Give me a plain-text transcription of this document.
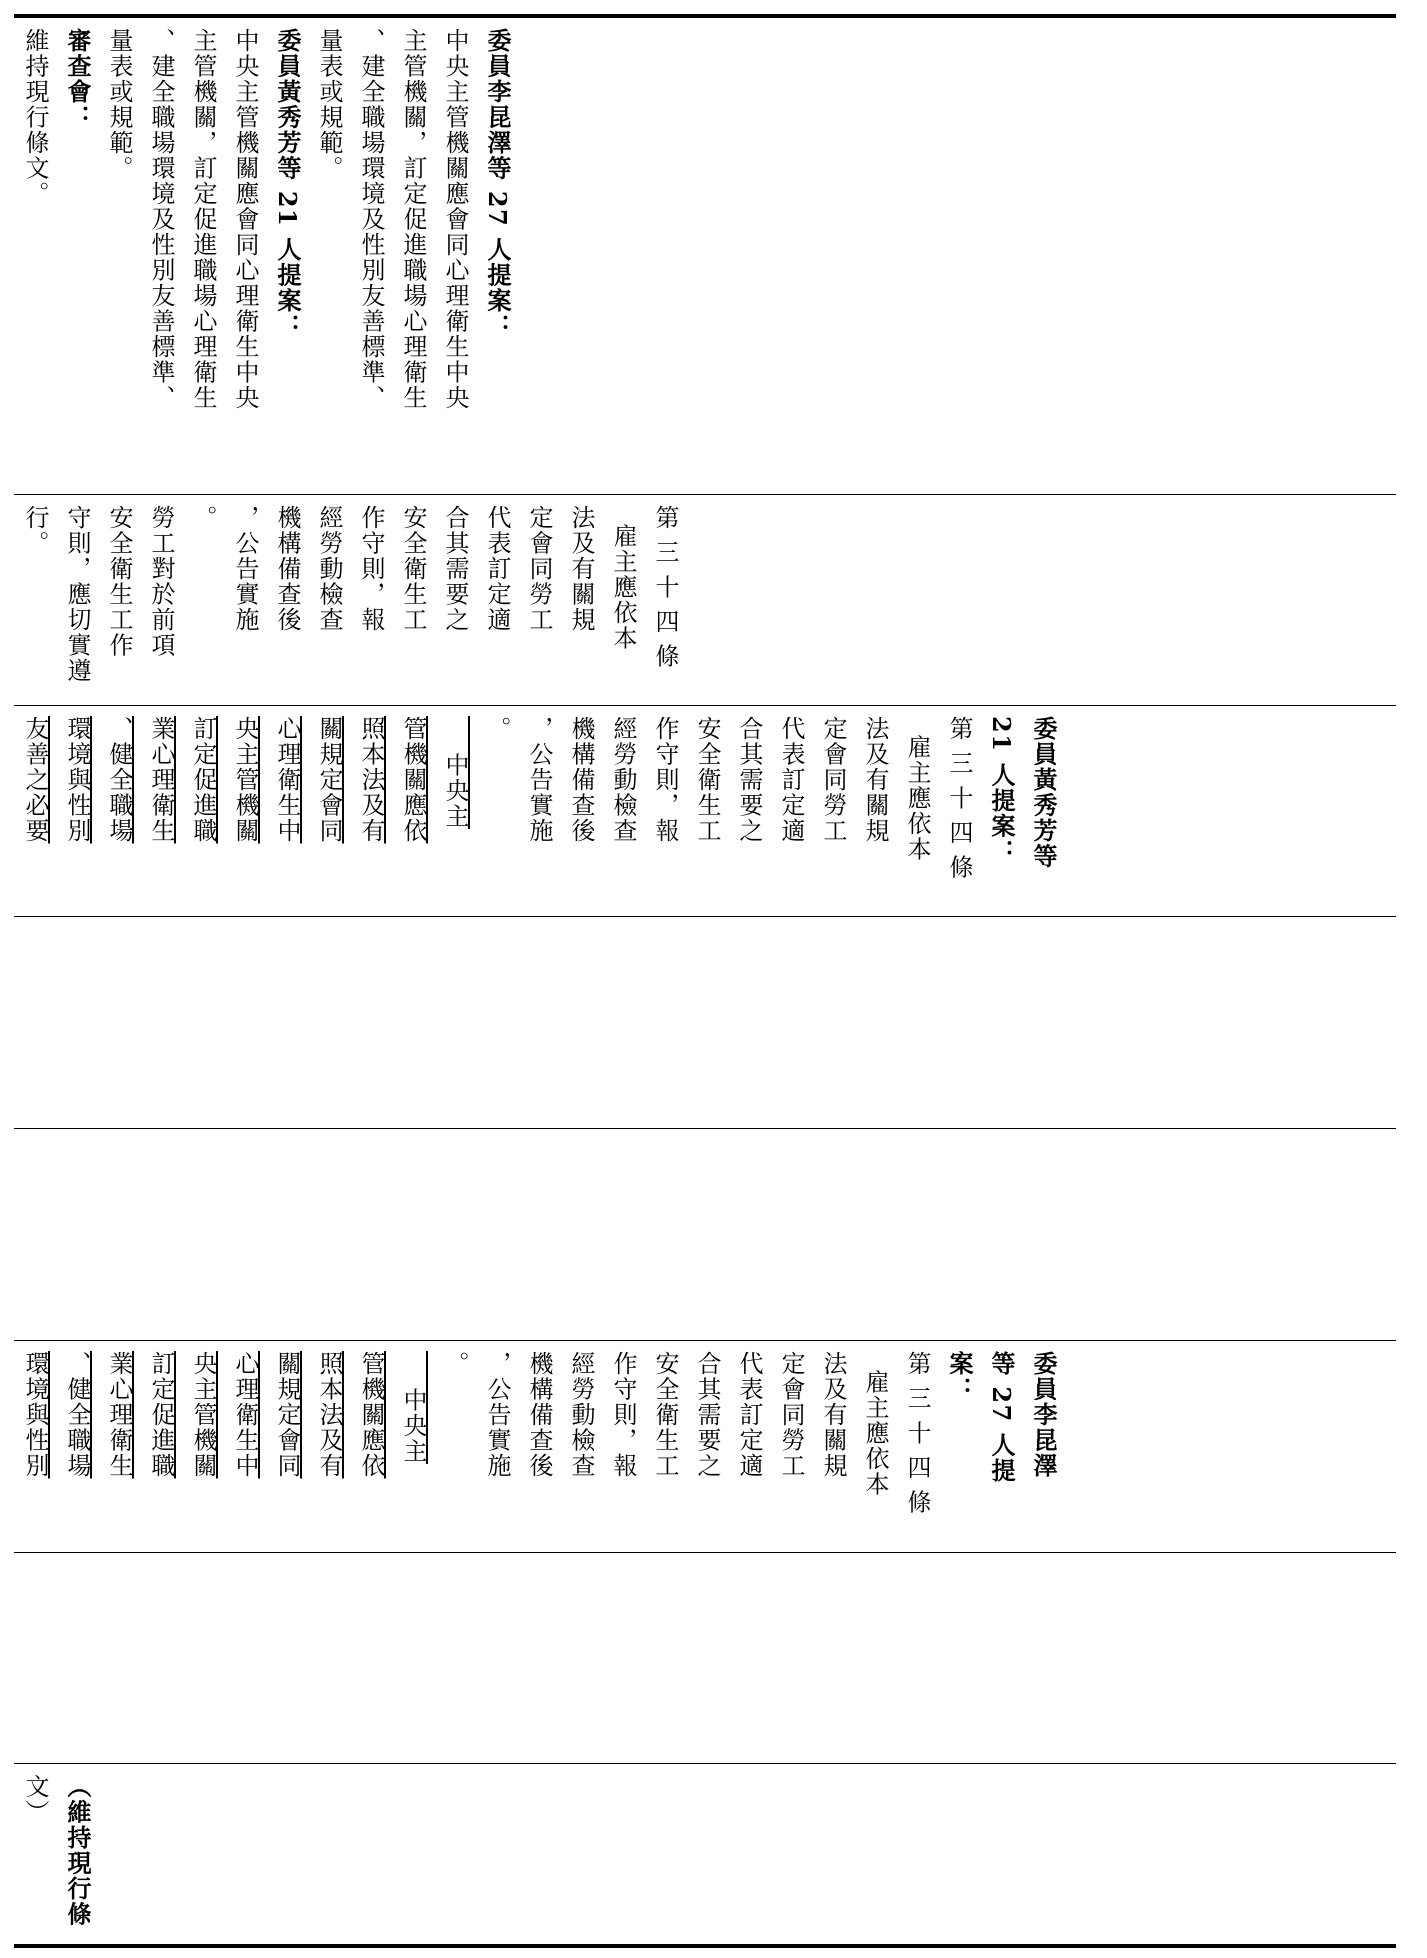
委員李昆澤等 27 人提案：
中央主管機關應會同心理衛生中央
主管機關，訂定促進職場心理衛生
、建全職場環境及性別友善標準、
量表或規範。
委員黃秀芳等 21 人提案：
中央主管機關應會同心理衛生中央
主管機關，訂定促進職場心理衛生
、建全職場環境及性別友善標準、
量表或規範。
審查會：
維持現行條文。
第 三 十 四 條
雇主應依本
法及有關規
定會同勞工
代表訂定適
合其需要之
安全衛生工
作守則，報
經勞動檢查
機構備查後
，公告實施
。
勞工對於前項
安全衛生工作
守則，應切實遵
行。
委員黃秀芳等
21 人提案：
第 三 十 四 條
雇主應依本
法及有關規
定會同勞工
代表訂定適
合其需要之
安全衛生工
作守則，報
經勞動檢查
機構備查後
，公告實施
。
中央主
管機關應依
照本法及有
關規定會同
心理衛生中
央主管機關
訂定促進職
業心理衛生
、健全職場
環境與性別
友善之必要
委員李昆澤
等 27 人提
案：
第 三 十 四 條
雇主應依本
法及有關規
定會同勞工
代表訂定適
合其需要之
安全衛生工
作守則，報
經勞動檢查
機構備查後
，公告實施
。
中央主
管機關應依
照本法及有
關規定會同
心理衛生中
央主管機關
訂定促進職
業心理衛生
、健全職場
環境與性別
（維持現行條
文）
